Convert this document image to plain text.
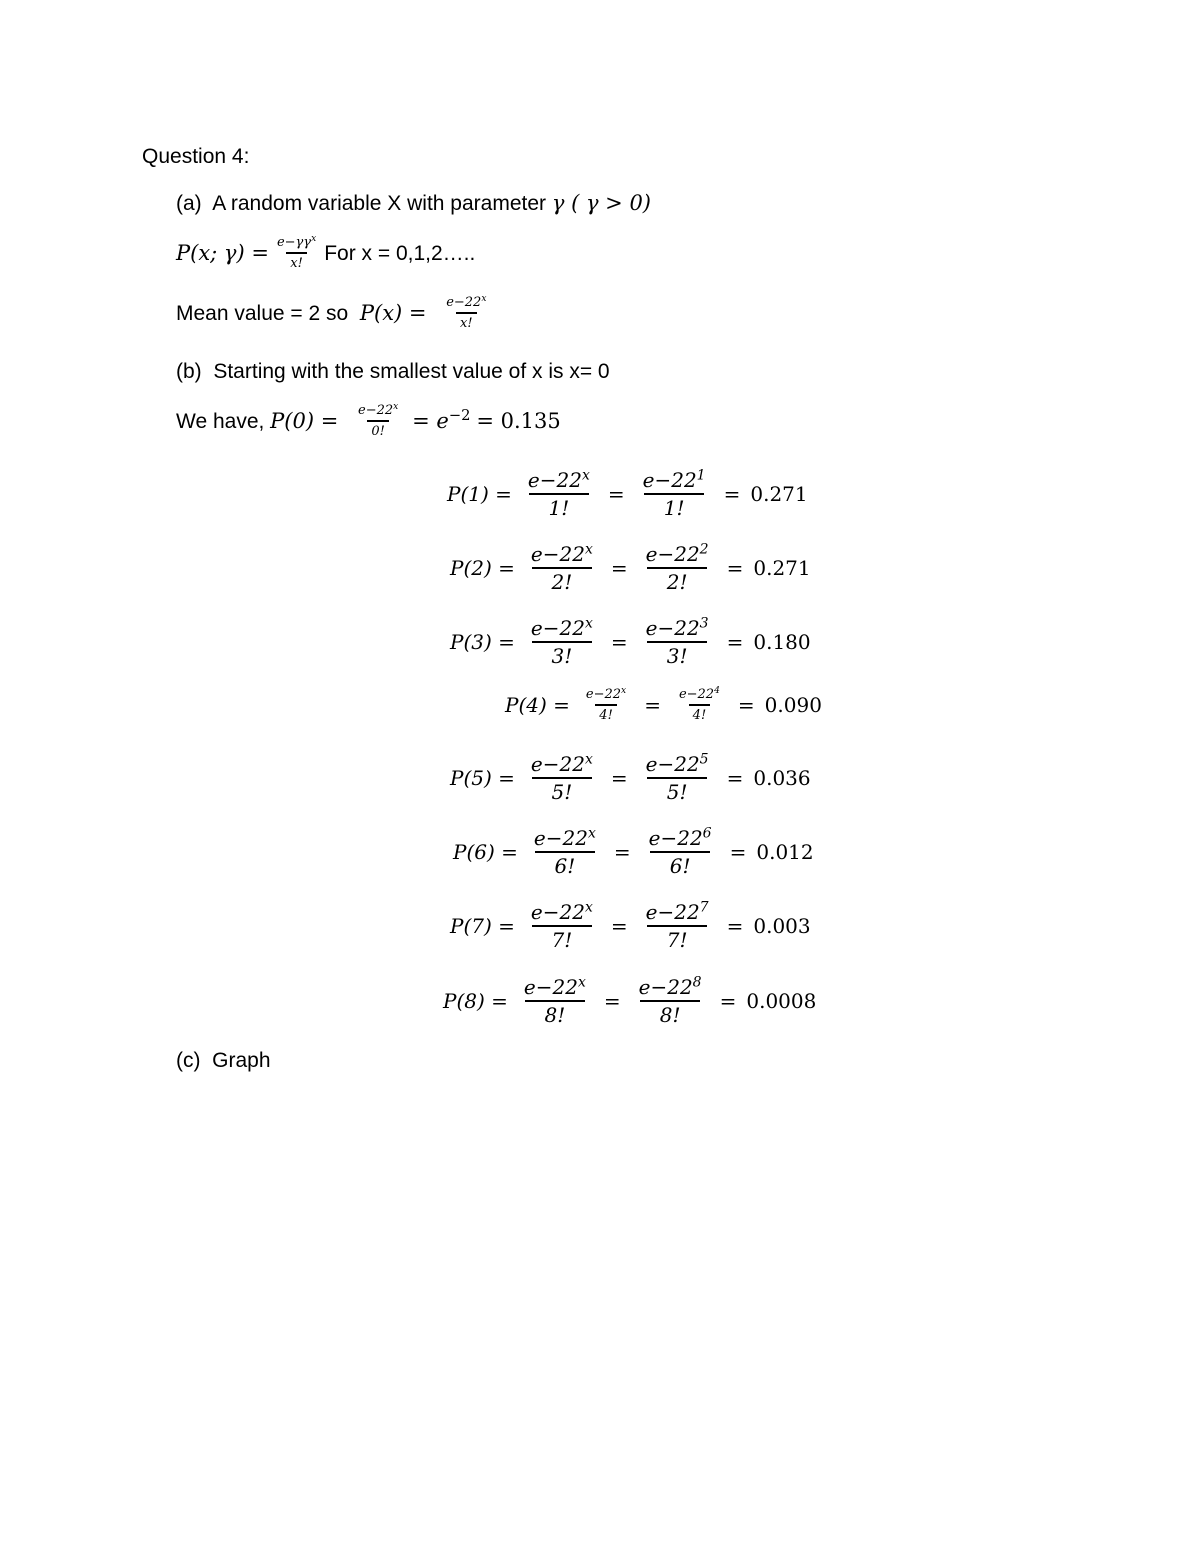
Question 4:
(a) A random variable X with parameter γ ( γ > 0)
P(x; $\gamma) = \frac{e-\gamma\gamma^x}{x!}$ For x = 0,1,2…..
Mean value = 2 so
P(x) =
$\frac{e-22^x}{x!}$
(b) Starting with the smallest value of x is x= 0
We have,
P(0) =
$\frac{e-22^x}{0!}$
= $e^{-2}$
= 0.135
$P(1) = \frac{e-22^x}{1!} = \frac{e-22^1}{1!} = 0.271$
$P(2) = \frac{e-22^x}{2!} = \frac{e-22^2}{2!} = 0.271$
$P(3) = \frac{e-22^x}{3!} = \frac{e-22^3}{3!} = 0.180$
$P(4) = \frac{e-22^x}{4!} = \frac{e-22^4}{4!} = 0.090$
$P(5) = \frac{e-22^x}{5!} = \frac{e-22^5}{5!} = 0.036$
$P(6) = \frac{e-22^x}{6!} = \frac{e-22^6}{6!} = 0.012$
$P(7) = \frac{e-22^x}{7!} = \frac{e-22^7}{7!} = 0.003$
$P(8) = \frac{e-22^x}{8!} = \frac{e-22^8}{8!} = 0.0008$
(c) Graph
